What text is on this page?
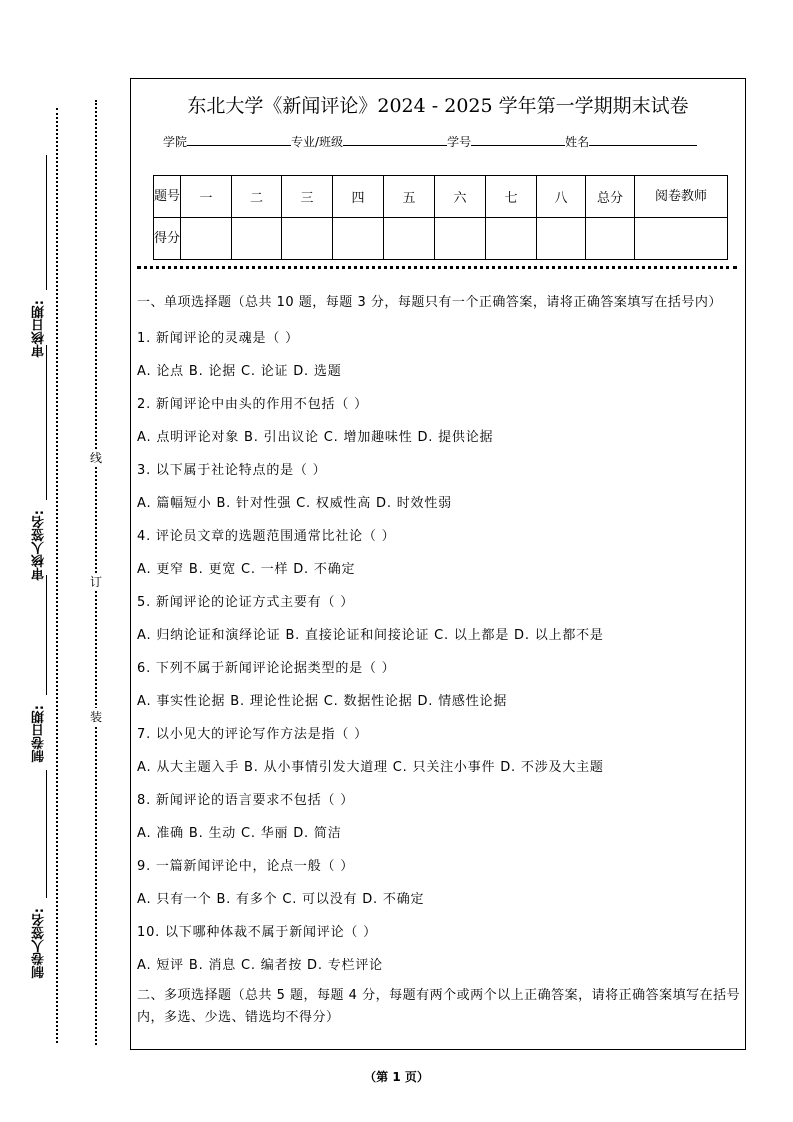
审核日期:
审核人签名:
制卷日期:
制卷人签名:
线
订
装
东北大学《新闻评论》2024 - 2025 学年第一学期期末试卷
学院	专业/班级	学号	姓名
题号	一	二	三	四	五	六	七	八	总分	阅卷教师
得分										
一、单项选择题（总共 10 题，每题 3 分，每题只有一个正确答案，请将正确答案填写在括号内）
1. 新闻评论的灵魂是（ ）
A. 论点 B. 论据 C. 论证 D. 选题
2. 新闻评论中由头的作用不包括（ ）
A. 点明评论对象 B. 引出议论 C. 增加趣味性 D. 提供论据
3. 以下属于社论特点的是（ ）
A. 篇幅短小 B. 针对性强 C. 权威性高 D. 时效性弱
4. 评论员文章的选题范围通常比社论（ ）
A. 更窄 B. 更宽 C. 一样 D. 不确定
5. 新闻评论的论证方式主要有（ ）
A. 归纳论证和演绎论证 B. 直接论证和间接论证 C. 以上都是 D. 以上都不是
6. 下列不属于新闻评论论据类型的是（ ）
A. 事实性论据 B. 理论性论据 C. 数据性论据 D. 情感性论据
7. 以小见大的评论写作方法是指（ ）
A. 从大主题入手 B. 从小事情引发大道理 C. 只关注小事件 D. 不涉及大主题
8. 新闻评论的语言要求不包括（ ）
A. 准确 B. 生动 C. 华丽 D. 简洁
9. 一篇新闻评论中，论点一般（ ）
A. 只有一个 B. 有多个 C. 可以没有 D. 不确定
10. 以下哪种体裁不属于新闻评论（ ）
A. 短评 B. 消息 C. 编者按 D. 专栏评论
二、多项选择题（总共 5 题，每题 4 分，每题有两个或两个以上正确答案，请将正确答案填写在括号内，多选、少选、错选均不得分）
（第 1 页）
